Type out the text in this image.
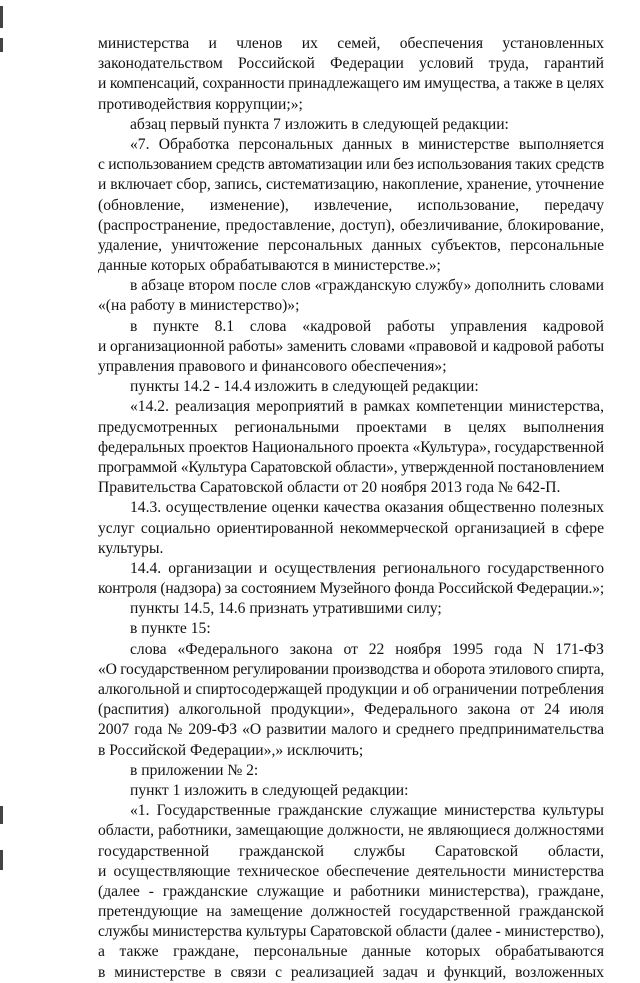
министерства и членов их семей, обеспечения установленных
законодательством Российской Федерации условий труда, гарантий
и компенсаций, сохранности принадлежащего им имущества, а также в целях
противодействия коррупции;»;
абзац первый пункта 7 изложить в следующей редакции:
«7. Обработка персональных данных в министерстве выполняется
с использованием средств автоматизации или без использования таких средств
и включает сбор, запись, систематизацию, накопление, хранение, уточнение
(обновление, изменение), извлечение, использование, передачу
(распространение, предоставление, доступ), обезличивание, блокирование,
удаление, уничтожение персональных данных субъектов, персональные
данные которых обрабатываются в министерстве.»;
в абзаце втором после слов «гражданскую службу» дополнить словами
«(на работу в министерство)»;
в пункте 8.1 слова «кадровой работы управления кадровой
и организационной работы» заменить словами «правовой и кадровой работы
управления правового и финансового обеспечения»;
пункты 14.2 - 14.4 изложить в следующей редакции:
«14.2. реализация мероприятий в рамках компетенции министерства,
предусмотренных региональными проектами в целях выполнения
федеральных проектов Национального проекта «Культура», государственной
программой «Культура Саратовской области», утвержденной постановлением
Правительства Саратовской области от 20 ноября 2013 года № 642-П.
14.3. осуществление оценки качества оказания общественно полезных
услуг социально ориентированной некоммерческой организацией в сфере
культуры.
14.4. организации и осуществления регионального государственного
контроля (надзора) за состоянием Музейного фонда Российской Федерации.»;
пункты 14.5, 14.6 признать утратившими силу;
в пункте 15:
слова «Федерального закона от 22 ноября 1995 года N 171-ФЗ
«О государственном регулировании производства и оборота этилового спирта,
алкогольной и спиртосодержащей продукции и об ограничении потребления
(распития) алкогольной продукции», Федерального закона от 24 июля
2007 года № 209-ФЗ «О развитии малого и среднего предпринимательства
в Российской Федерации»,» исключить;
в приложении № 2:
пункт 1 изложить в следующей редакции:
«1. Государственные гражданские служащие министерства культуры
области, работники, замещающие должности, не являющиеся должностями
государственной гражданской службы Саратовской области,
и осуществляющие техническое обеспечение деятельности министерства
(далее - гражданские служащие и работники министерства), граждане,
претендующие на замещение должностей государственной гражданской
службы министерства культуры Саратовской области (далее - министерство),
а также граждане, персональные данные которых обрабатываются
в министерстве в связи с реализацией задач и функций, возложенных
